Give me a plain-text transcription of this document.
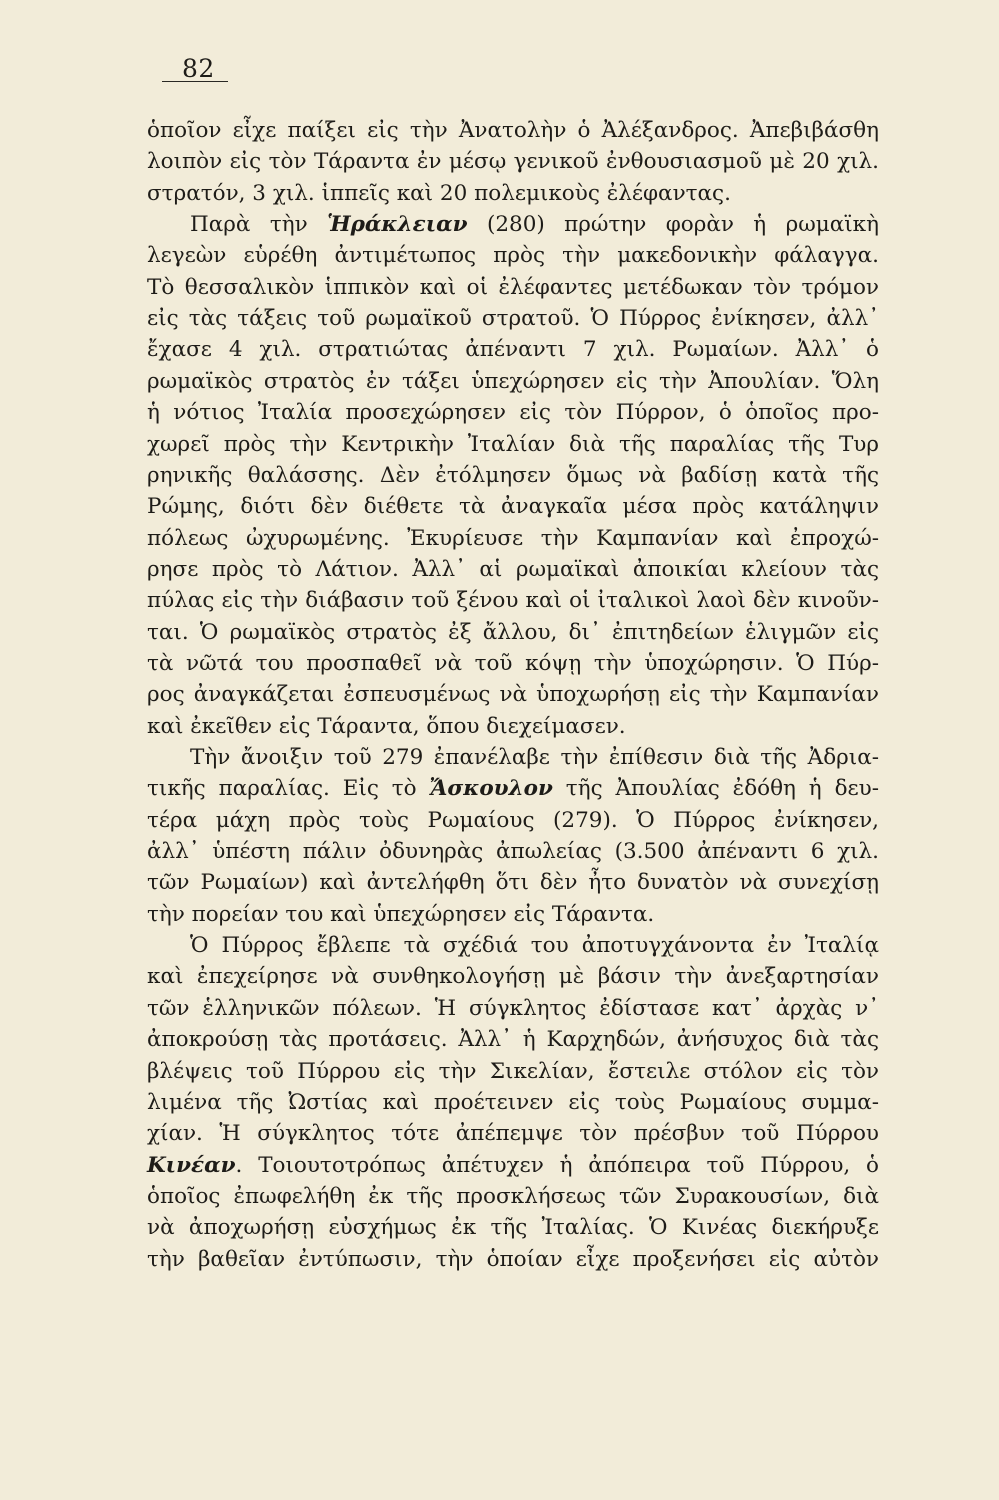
82
ὁποῖον εἶχε παίξει εἰς τὴν Ἀνατολὴν ὁ Ἀλέξανδρος. Ἀπεβιβάσθη
λοιπὸν εἰς τὸν Τάραντα ἐν μέσῳ γενικοῦ ἐνθουσιασμοῦ μὲ 20 χιλ.
στρατόν, 3 χιλ. ἱππεῖς καὶ 20 πολεμικοὺς ἐλέφαντας.
Παρὰ τὴν Ἡράκλειαν (280) πρώτην φορὰν ἡ ρωμαϊκὴ
λεγεὼν εὑρέθη ἀντιμέτωπος πρὸς τὴν μακεδονικὴν φάλαγγα.
Τὸ θεσσαλικὸν ἱππικὸν καὶ οἱ ἐλέφαντες μετέδωκαν τὸν τρόμον
εἰς τὰς τάξεις τοῦ ρωμαϊκοῦ στρατοῦ. Ὁ Πύρρος ἐνίκησεν, ἀλλ᾽
ἔχασε 4 χιλ. στρατιώτας ἀπέναντι 7 χιλ. Ρωμαίων. Ἀλλ᾽ ὁ
ρωμαϊκὸς στρατὸς ἐν τάξει ὑπεχώρησεν εἰς τὴν Ἀπουλίαν. Ὅλη
ἡ νότιος Ἰταλία προσεχώρησεν εἰς τὸν Πύρρον, ὁ ὁποῖος προ-
χωρεῖ πρὸς τὴν Κεντρικὴν Ἰταλίαν διὰ τῆς παραλίας τῆς Τυρ
ρηνικῆς θαλάσσης. Δὲν ἐτόλμησεν ὅμως νὰ βαδίσῃ κατὰ τῆς
Ρώμης, διότι δὲν διέθετε τὰ ἀναγκαῖα μέσα πρὸς κατάληψιν
πόλεως ὠχυρωμένης. Ἐκυρίευσε τὴν Καμπανίαν καὶ ἐπροχώ-
ρησε πρὸς τὸ Λάτιον. Ἀλλ᾽ αἱ ρωμαϊκαὶ ἀποικίαι κλείουν τὰς
πύλας εἰς τὴν διάβασιν τοῦ ξένου καὶ οἱ ἰταλικοὶ λαοὶ δὲν κινοῦν-
ται. Ὁ ρωμαϊκὸς στρατὸς ἐξ ἄλλου, δι᾽ ἐπιτηδείων ἑλιγμῶν εἰς
τὰ νῶτά του προσπαθεῖ νὰ τοῦ κόψῃ τὴν ὑποχώρησιν. Ὁ Πύρ-
ρος ἀναγκάζεται ἐσπευσμένως νὰ ὑποχωρήσῃ εἰς τὴν Καμπανίαν
καὶ ἐκεῖθεν εἰς Τάραντα, ὅπου διεχείμασεν.
Τὴν ἄνοιξιν τοῦ 279 ἐπανέλαβε τὴν ἐπίθεσιν διὰ τῆς Ἀδρια-
τικῆς παραλίας. Εἰς τὸ Ἄσκουλον τῆς Ἀπουλίας ἐδόθη ἡ δευ-
τέρα μάχη πρὸς τοὺς Ρωμαίους (279). Ὁ Πύρρος ἐνίκησεν,
ἀλλ᾽ ὑπέστη πάλιν ὀδυνηρὰς ἀπωλείας (3.500 ἀπέναντι 6 χιλ.
τῶν Ρωμαίων) καὶ ἀντελήφθη ὅτι δὲν ἦτο δυνατὸν νὰ συνεχίσῃ
τὴν πορείαν του καὶ ὑπεχώρησεν εἰς Τάραντα.
Ὁ Πύρρος ἔβλεπε τὰ σχέδιά του ἀποτυγχάνοντα ἐν Ἰταλίᾳ
καὶ ἐπεχείρησε νὰ συνθηκολογήσῃ μὲ βάσιν τὴν ἀνεξαρτησίαν
τῶν ἑλληνικῶν πόλεων. Ἡ σύγκλητος ἐδίστασε κατ᾽ ἀρχὰς ν᾽
ἀποκρούσῃ τὰς προτάσεις. Ἀλλ᾽ ἡ Καρχηδών, ἀνήσυχος διὰ τὰς
βλέψεις τοῦ Πύρρου εἰς τὴν Σικελίαν, ἔστειλε στόλον εἰς τὸν
λιμένα τῆς Ὠστίας καὶ προέτεινεν εἰς τοὺς Ρωμαίους συμμα-
χίαν. Ἡ σύγκλητος τότε ἀπέπεμψε τὸν πρέσβυν τοῦ Πύρρου
Κινέαν. Τοιουτοτρόπως ἀπέτυχεν ἡ ἀπόπειρα τοῦ Πύρρου, ὁ
ὁποῖος ἐπωφελήθη ἐκ τῆς προσκλήσεως τῶν Συρακουσίων, διὰ
νὰ ἀποχωρήσῃ εὐσχήμως ἐκ τῆς Ἰταλίας. Ὁ Κινέας διεκήρυξε
τὴν βαθεῖαν ἐντύπωσιν, τὴν ὁποίαν εἶχε προξενήσει εἰς αὐτὸν
